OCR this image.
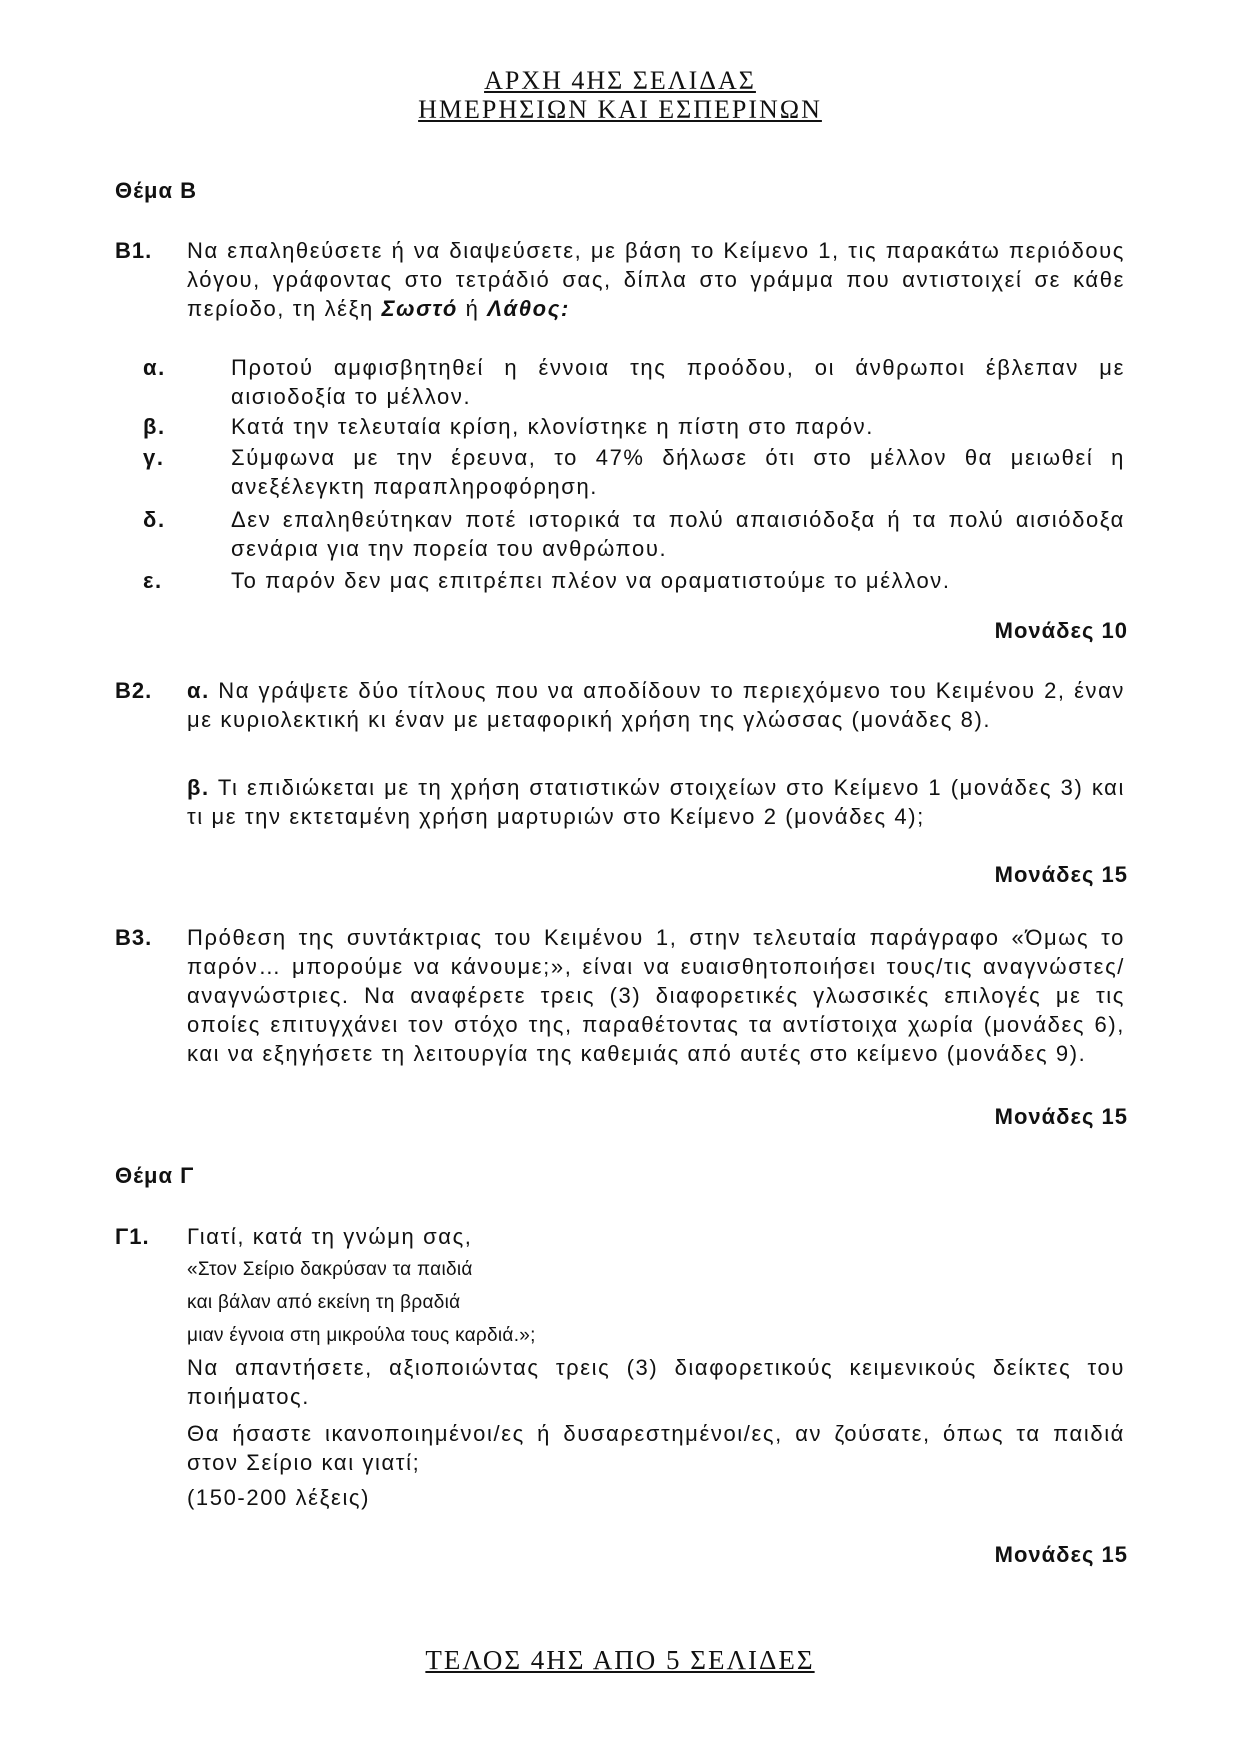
ΑΡΧΗ 4ΗΣ ΣΕΛΙΔΑΣ
ΗΜΕΡΗΣΙΩΝ ΚΑΙ ΕΣΠΕΡΙΝΩΝ
Θέμα Β
Β1. Να επαληθεύσετε ή να διαψεύσετε, με βάση το Κείμενο 1, τις παρακάτω περιόδους λόγου, γράφοντας στο τετράδιό σας, δίπλα στο γράμμα που αντιστοιχεί σε κάθε περίοδο, τη λέξη Σωστό ή Λάθος:
α.	Προτού αμφισβητηθεί η έννοια της προόδου, οι άνθρωποι έβλεπαν με αισιοδοξία το μέλλον.
β.	Κατά την τελευταία κρίση, κλονίστηκε η πίστη στο παρόν.
γ.	Σύμφωνα με την έρευνα, το 47% δήλωσε ότι στο μέλλον θα μειωθεί η ανεξέλεγκτη παραπληροφόρηση.
δ.	Δεν επαληθεύτηκαν ποτέ ιστορικά τα πολύ απαισιόδοξα ή τα πολύ αισιόδοξα σενάρια για την πορεία του ανθρώπου.
ε.	Το παρόν δεν μας επιτρέπει πλέον να οραματιστούμε το μέλλον.
Μονάδες 10
Β2. α. Να γράψετε δύο τίτλους που να αποδίδουν το περιεχόμενο του Κειμένου 2, έναν με κυριολεκτική κι έναν με μεταφορική χρήση της γλώσσας (μονάδες 8).
β. Τι επιδιώκεται με τη χρήση στατιστικών στοιχείων στο Κείμενο 1 (μονάδες 3) και τι με την εκτεταμένη χρήση μαρτυριών στο Κείμενο 2 (μονάδες 4);
Μονάδες 15
Β3. Πρόθεση της συντάκτριας του Κειμένου 1, στην τελευταία παράγραφο «Όμως το παρόν… μπορούμε να κάνουμε;», είναι να ευαισθητοποιήσει τους/τις αναγνώστες/αναγνώστριες. Να αναφέρετε τρεις (3) διαφορετικές γλωσσικές επιλογές με τις οποίες επιτυγχάνει τον στόχο της, παραθέτοντας τα αντίστοιχα χωρία (μονάδες 6), και να εξηγήσετε τη λειτουργία της καθεμιάς από αυτές στο κείμενο (μονάδες 9).
Μονάδες 15
Θέμα Γ
Γ1. Γιατί, κατά τη γνώμη σας,
«Στον Σείριο δακρύσαν τα παιδιά
και βάλαν από εκείνη τη βραδιά
μιαν έγνοια στη μικρούλα τους καρδιά.»;
Να απαντήσετε, αξιοποιώντας τρεις (3) διαφορετικούς κειμενικούς δείκτες του ποιήματος.
Θα ήσαστε ικανοποιημένοι/ες ή δυσαρεστημένοι/ες, αν ζούσατε, όπως τα παιδιά στον Σείριο και γιατί;
(150-200 λέξεις)
Μονάδες 15
ΤΕΛΟΣ 4ΗΣ ΑΠΟ 5 ΣΕΛΙΔΕΣ
